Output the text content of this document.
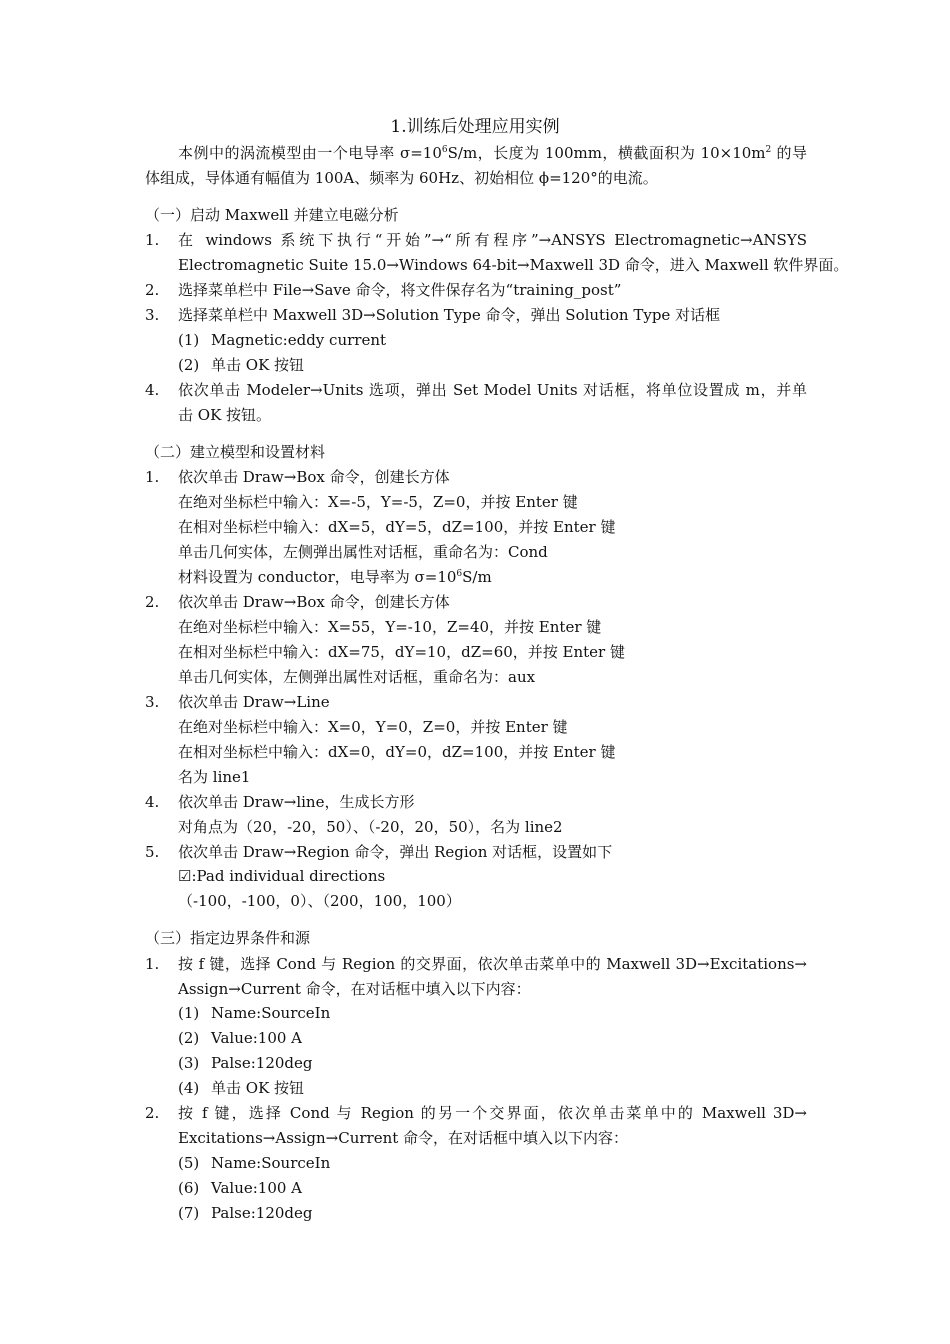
1.训练后处理应用实例
本例中的涡流模型由一个电导率 $\sigma=10^6S/m$，长度为 100mm，横截面积为 $10\times 10m^2$ 的导
体组成，导体通有幅值为 100A、频率为 60Hz、初始相位 ϕ=120°的电流。
（一）启动 Maxwell 并建立电磁分析
1. 在 windows 系统下执行“开始”→“所有程序”→ANSYS Electromagnetic→ANSYS
Electromagnetic Suite 15.0→Windows 64-bit→Maxwell 3D 命令，进入 Maxwell 软件界面。
2. 选择菜单栏中 File→Save 命令，将文件保存名为“training_post”
3. 选择菜单栏中 Maxwell 3D→Solution Type 命令，弹出 Solution Type 对话框
(1) Magnetic:eddy current
(2) 单击 OK 按钮
4. 依次单击 Modeler→Units 选项，弹出 Set Model Units 对话框，将单位设置成 m，并单
击 OK 按钮。
（二）建立模型和设置材料
1. 依次单击 Draw→Box 命令，创建长方体
在绝对坐标栏中输入：X=-5，Y=-5，Z=0，并按 Enter 键
在相对坐标栏中输入：dX=5，dY=5，dZ=100，并按 Enter 键
单击几何实体，左侧弹出属性对话框，重命名为：Cond
材料设置为 conductor，电导率为 $\sigma=10^6S/m$
2. 依次单击 Draw→Box 命令，创建长方体
在绝对坐标栏中输入：X=55，Y=-10，Z=40，并按 Enter 键
在相对坐标栏中输入：dX=75，dY=10，dZ=60，并按 Enter 键
单击几何实体，左侧弹出属性对话框，重命名为：aux
3. 依次单击 Draw→Line
在绝对坐标栏中输入：X=0，Y=0，Z=0，并按 Enter 键
在相对坐标栏中输入：dX=0，dY=0，dZ=100，并按 Enter 键
名为 line1
4. 依次单击 Draw→line，生成长方形
对角点为（20，-20，50）、（-20，20，50），名为 line2
5. 依次单击 Draw→Region 命令，弹出 Region 对话框，设置如下
☑:Pad individual directions
（-100，-100，0）、（200，100，100）
（三）指定边界条件和源
1. 按 f 键，选择 Cond 与 Region 的交界面，依次单击菜单中的 Maxwell 3D→Excitations→
Assign→Current 命令，在对话框中填入以下内容：
(1) Name:SourceIn
(2) Value:100 A
(3) Palse:120deg
(4) 单击 OK 按钮
2. 按 f 键，选择 Cond 与 Region 的另一个交界面，依次单击菜单中的 Maxwell 3D→
Excitations→Assign→Current 命令，在对话框中填入以下内容：
(5) Name:SourceIn
(6) Value:100 A
(7) Palse:120deg
